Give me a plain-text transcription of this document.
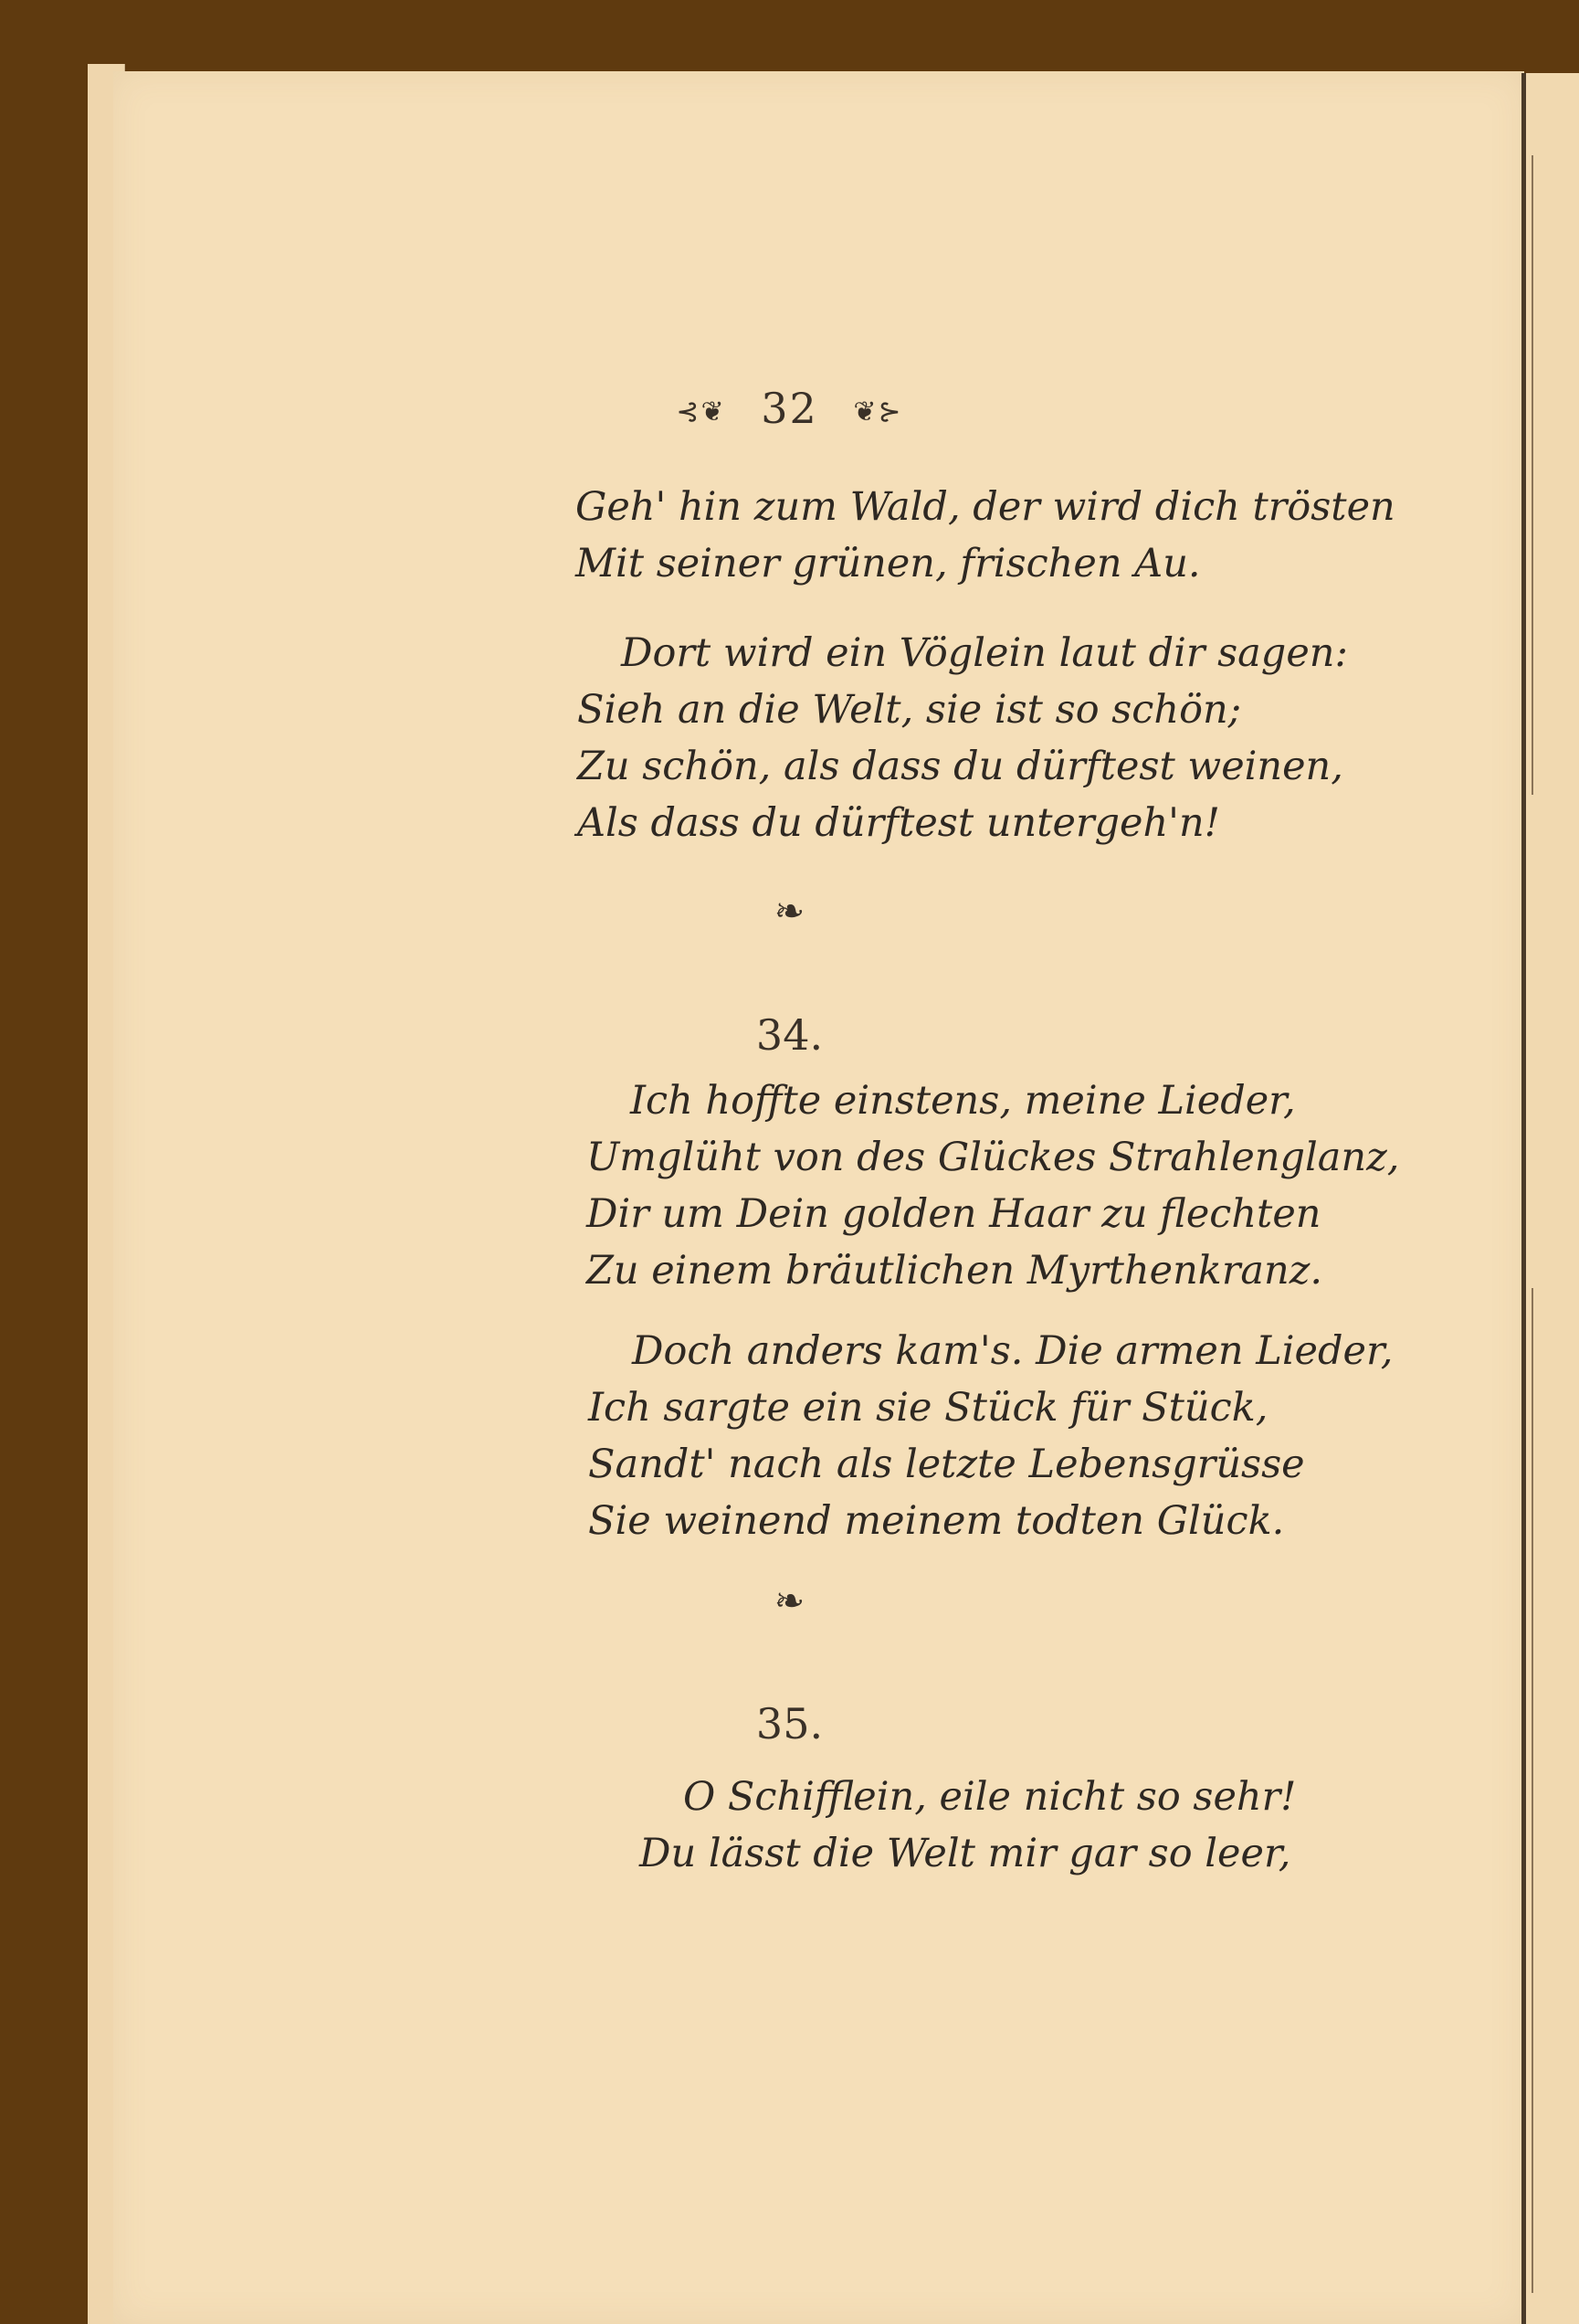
⊰❦ 32 ❦⊱
Geh' hin zum Wald, der wird dich trösten
Mit seiner grünen, frischen Au.
Dort wird ein Vöglein laut dir sagen:
Sieh an die Welt, sie ist so schön;
Zu schön, als dass du dürftest weinen,
Als dass du dürftest untergeh'n!
❧
34.
Ich hoffte einstens, meine Lieder,
Umglüht von des Glückes Strahlenglanz,
Dir um Dein golden Haar zu flechten
Zu einem bräutlichen Myrthenkranz.
Doch anders kam's. Die armen Lieder,
Ich sargte ein sie Stück für Stück,
Sandt' nach als letzte Lebensgrüsse
Sie weinend meinem todten Glück.
❧
35.
O Schifflein, eile nicht so sehr!
Du lässt die Welt mir gar so leer,
